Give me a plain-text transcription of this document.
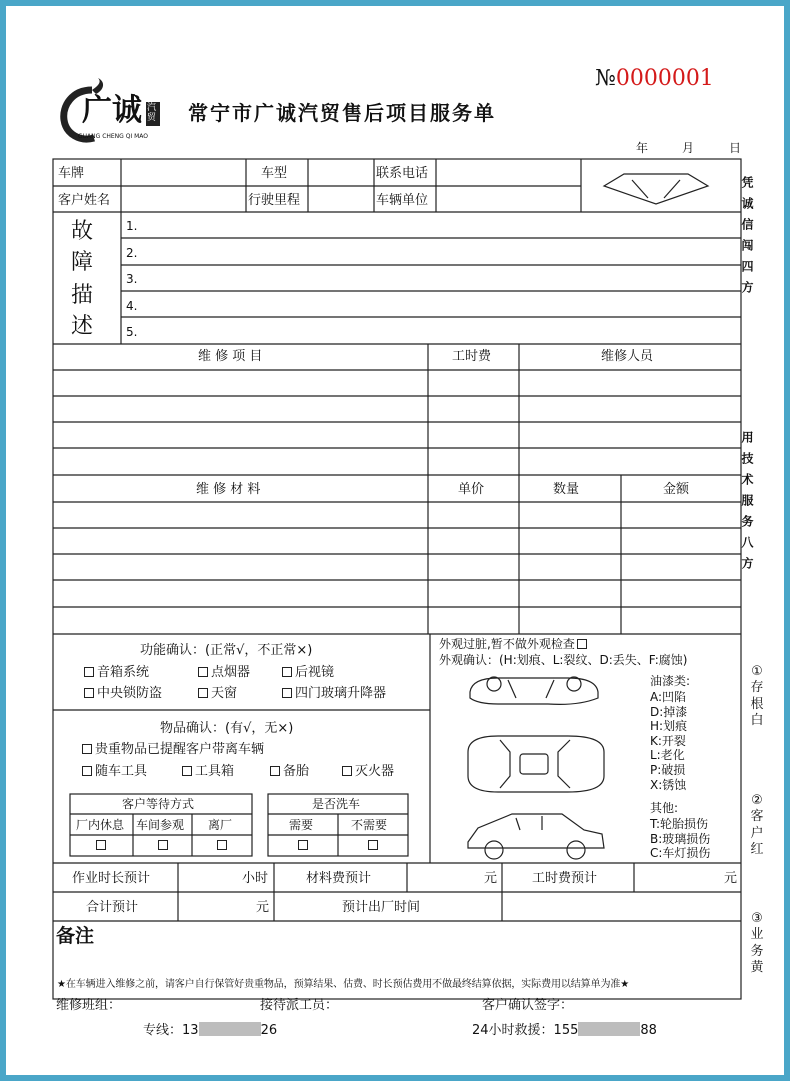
广诚 汽贸
GUANG CHENG QI MAO
№0000001
常宁市广诚汽贸售后项目服务单
年	月	日
车牌	车型	联系电话
客户姓名	行驶里程	车辆单位
故
障
描
述
1.
2.
3.
4.
5.
维 修 项 目	工时费	维修人员
维 修 材 料	单价	数量	金额
功能确认：(正常√，不正常×)
音箱系统	点烟器	后视镜
中央锁防盗	天窗	四门玻璃升降器
物品确认：(有√，无×)
贵重物品已提醒客户带离车辆
随车工具	工具箱	备胎	灭火器
客户等待方式
厂内休息 车间参观 离厂
是否洗车
需要	不需要
外观过脏,暂不做外观检查
外观确认：(H:划痕、L:裂纹、D:丢失、F:腐蚀)
油漆类:
A:凹陷
D:掉漆
H:划痕
K:开裂
L:老化
P:破损
X:锈蚀
其他:
T:轮胎损伤
B:玻璃损伤
C:车灯损伤
作业时长预计	小时	材料费预计	元	工时费预计	元
合计预计	元	预计出厂时间
备注
★在车辆进入维修之前，请客户自行保管好贵重物品，预算结果、估费、时长预估费用不做最终结算依据，实际费用以结算单为准★
维修班组：	接待派工员：	客户确认签字：
专线：13	26	24小时救援：155	88
凭诚信闯四方
用技术服务八方
①
存根白
②
客户红
③
业务黄
